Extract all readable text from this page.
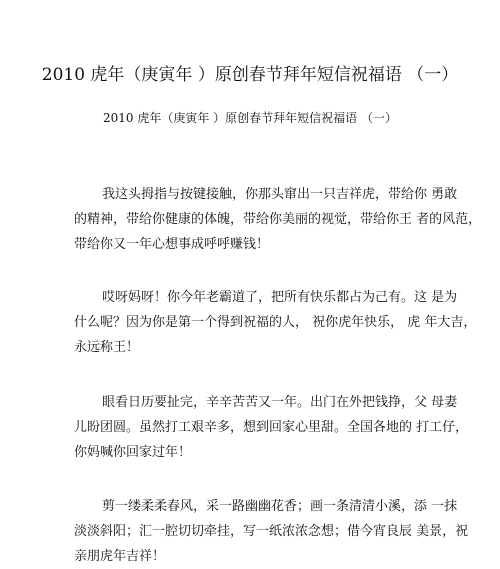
2010 虎年（庚寅年 ）原创春节拜年短信祝福语 （一）
2010 虎年（庚寅年 ）原创春节拜年短信祝福语 （一）

我这头拇指与按键接触，你那头窜出一只吉祥虎，带给你 勇敢
的精神，带给你健康的体魄，带给你美丽的视觉，带给你王 者的风范，
带给你又一年心想事成呼呼赚钱！

哎呀妈呀！你今年老霸道了，把所有快乐都占为己有。这 是为
什么呢？因为你是第一个得到祝福的人， 祝你虎年快乐， 虎 年大吉，
永远称王！

眼看日历要扯完，辛辛苦苦又一年。出门在外把钱挣，父 母妻
儿盼团圆。虽然打工艰辛多，想到回家心里甜。全国各地的 打工仔，
你妈喊你回家过年！

剪一缕柔柔春风，采一路幽幽花香；画一条清清小溪，添 一抹
淡淡斜阳；汇一腔切切牵挂，写一纸浓浓念想；借今宵良辰 美景，祝
亲朋虎年吉祥！
